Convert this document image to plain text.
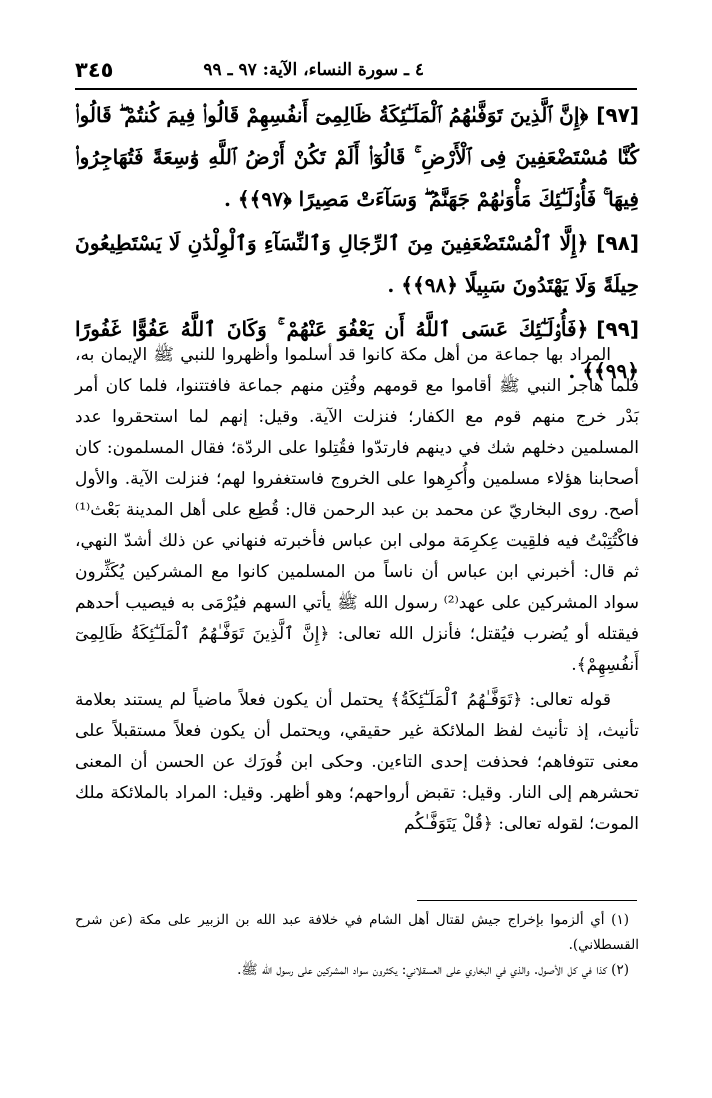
٤ ـ سورة النساء، الآية: ٩٧ ـ ٩٩
٣٤٥

[٩٧]﴿إِنَّ ٱلَّذِينَ تَوَفَّىٰهُمُ ٱلْمَلَـٰٓئِكَةُ ظَالِمِىٓ أَنفُسِهِمْ قَالُوا۟ فِيمَ كُنتُمْ ۖ قَالُوا۟ كُنَّا مُسْتَضْعَفِينَ فِى ٱلْأَرْضِ ۚ قَالُوٓا۟ أَلَمْ تَكُنْ أَرْضُ ٱللَّهِ وَٰسِعَةً فَتُهَاجِرُوا۟ فِيهَا ۚ فَأُو۟لَـٰٓئِكَ مَأْوَىٰهُمْ جَهَنَّمُ ۖ وَسَآءَتْ مَصِيرًا ﴿٩٧﴾﴾ .

[٩٨]﴿إِلَّا ٱلْمُسْتَضْعَفِينَ مِنَ ٱلرِّجَالِ وَٱلنِّسَآءِ وَٱلْوِلْدَٰنِ لَا يَسْتَطِيعُونَ حِيلَةً وَلَا يَهْتَدُونَ سَبِيلًا ﴿٩٨﴾﴾ .

[٩٩]﴿فَأُو۟لَـٰٓئِكَ عَسَى ٱللَّهُ أَن يَعْفُوَ عَنْهُمْ ۚ وَكَانَ ٱللَّهُ عَفُوًّا غَفُورًا ﴿٩٩﴾﴾ .

المراد بها جماعة من أهل مكة كانوا قد أسلموا وأظهروا للنبي ﷺ الإيمان به، فلما هاجر النبي ﷺ أقاموا مع قومهم وفُتِن منهم جماعة فافتتنوا، فلما كان أمر بَدْر خرج منهم قوم مع الكفار؛ فنزلت الآية. وقيل: إنهم لما استحقروا عدد المسلمين دخلهم شك في دينهم فارتدّوا فقُتِلوا على الردّة؛ فقال المسلمون: كان أصحابنا هؤلاء مسلمين وأُكرِهوا على الخروج فاستغفروا لهم؛ فنزلت الآية. والأول أصح. روى البخاريّ عن محمد بن عبد الرحمن قال: قُطِع على أهل المدينة بَعْث⁽¹⁾ فاكْتُتِبْتُ فيه فلقِيت عِكرِمَة مولى ابن عباس فأخبرته فنهاني عن ذلك أشدّ النهي، ثم قال: أخبرني ابن عباس أن ناساً من المسلمين كانوا مع المشركين يُكَثِّرون سواد المشركين على عهد⁽²⁾ رسول الله ﷺ يأتي السهم فيُرْمَى به فيصيب أحدهم فيقتله أو يُضرب فيُقتل؛ فأنزل الله تعالى: ﴿إِنَّ ٱلَّذِينَ تَوَفَّـٰهُمُ ٱلْمَلَـٰٓئِكَةُ ظَالِمِىٓ أَنفُسِهِمْ﴾.

قوله تعالى: ﴿تَوَفَّـٰهُمُ ٱلْمَلَـٰٓئِكَةُ﴾ يحتمل أن يكون فعلاً ماضياً لم يستند بعلامة تأنيث، إذ تأنيث لفظ الملائكة غير حقيقي، ويحتمل أن يكون فعلاً مستقبلاً على معنى تتوفاهم؛ فحذفت إحدى التاءين. وحكى ابن فُورَك عن الحسن أن المعنى تحشرهم إلى النار. وقيل: تقبض أرواحهم؛ وهو أظهر. وقيل: المراد بالملائكة ملك الموت؛ لقوله تعالى: ﴿قُلْ يَتَوَفَّـٰكُم

(١) أي ألزموا بإخراج جيش لقتال أهل الشام في خلافة عبد الله بن الزبير على مكة (عن شرح القسطلاني).

(٢) كذا في كل الأصول. والذي في البخاري على العسقلاني: يكثرون سواد المشركين على رسول الله ﷺ.
